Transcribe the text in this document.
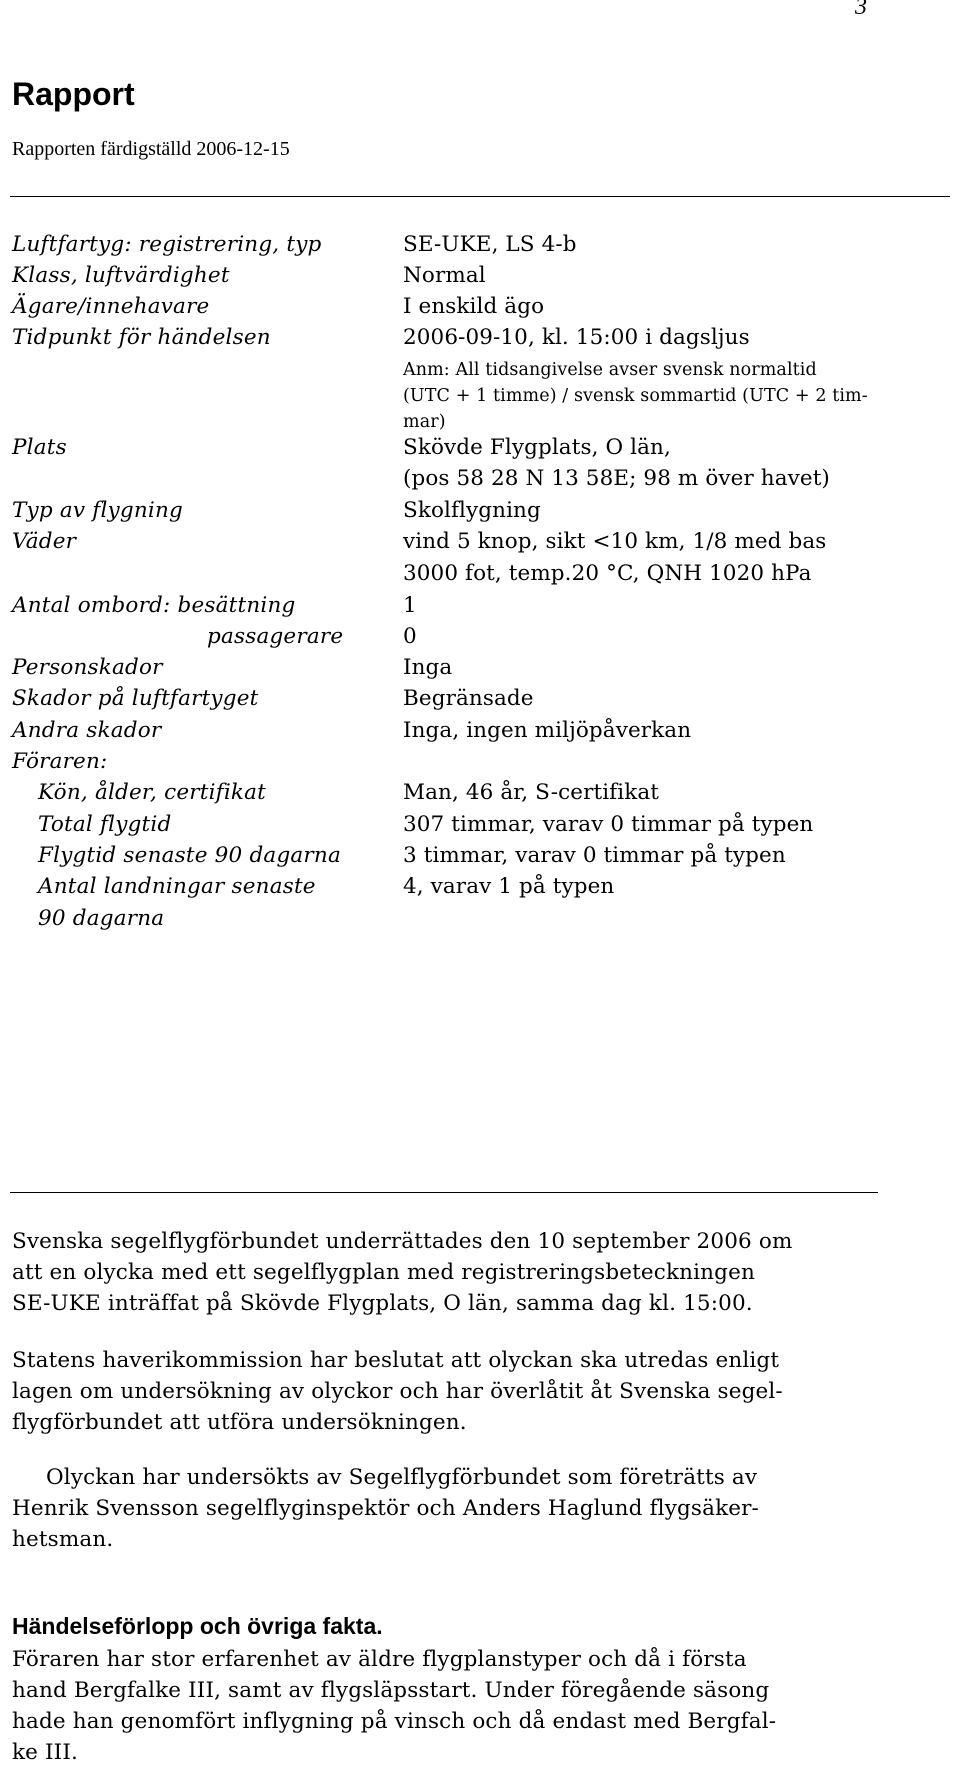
3
Rapport
Rapporten färdigställd 2006-12-15
Luftfartyg: registrering, typ	SE-UKE, LS 4-b
Klass, luftvärdighet	Normal
Ägare/innehavare	I enskild ägo
Tidpunkt för händelsen	2006-09-10, kl. 15:00 i dagsljus
Anm: All tidsangivelse avser svensk normaltid
(UTC + 1 timme) / svensk sommartid (UTC + 2 tim-
mar)
Plats	Skövde Flygplats, O län,
(pos 58 28 N 13 58E; 98 m över havet)
Typ av flygning	Skolflygning
Väder	vind 5 knop, sikt <10 km, 1/8 med bas
3000 fot, temp.20 °C, QNH 1020 hPa
Antal ombord: besättning	1
passagerare	0
Personskador	Inga
Skador på luftfartyget	Begränsade
Andra skador	Inga, ingen miljöpåverkan
Föraren:
Kön, ålder, certifikat	Man, 46 år, S-certifikat
Total flygtid	307 timmar, varav 0 timmar på typen
Flygtid senaste 90 dagarna	3 timmar, varav 0 timmar på typen
Antal landningar senaste	4, varav 1 på typen
90 dagarna
Svenska segelflygförbundet underrättades den 10 september 2006 om
att en olycka med ett segelflygplan med registreringsbeteckningen
SE-UKE inträffat på Skövde Flygplats, O län, samma dag kl. 15:00.
Statens haverikommission har beslutat att olyckan ska utredas enligt
lagen om undersökning av olyckor och har överlåtit åt Svenska segel-
flygförbundet att utföra undersökningen.
Olyckan har undersökts av Segelflygförbundet som företrätts av
Henrik Svensson segelflyginspektör och Anders Haglund flygsäker-
hetsman.
Händelseförlopp och övriga fakta.
Föraren har stor erfarenhet av äldre flygplanstyper och då i första
hand Bergfalke III, samt av flygsläpsstart. Under föregående säsong
hade han genomfört inflygning på vinsch och då endast med Bergfal-
ke III.
